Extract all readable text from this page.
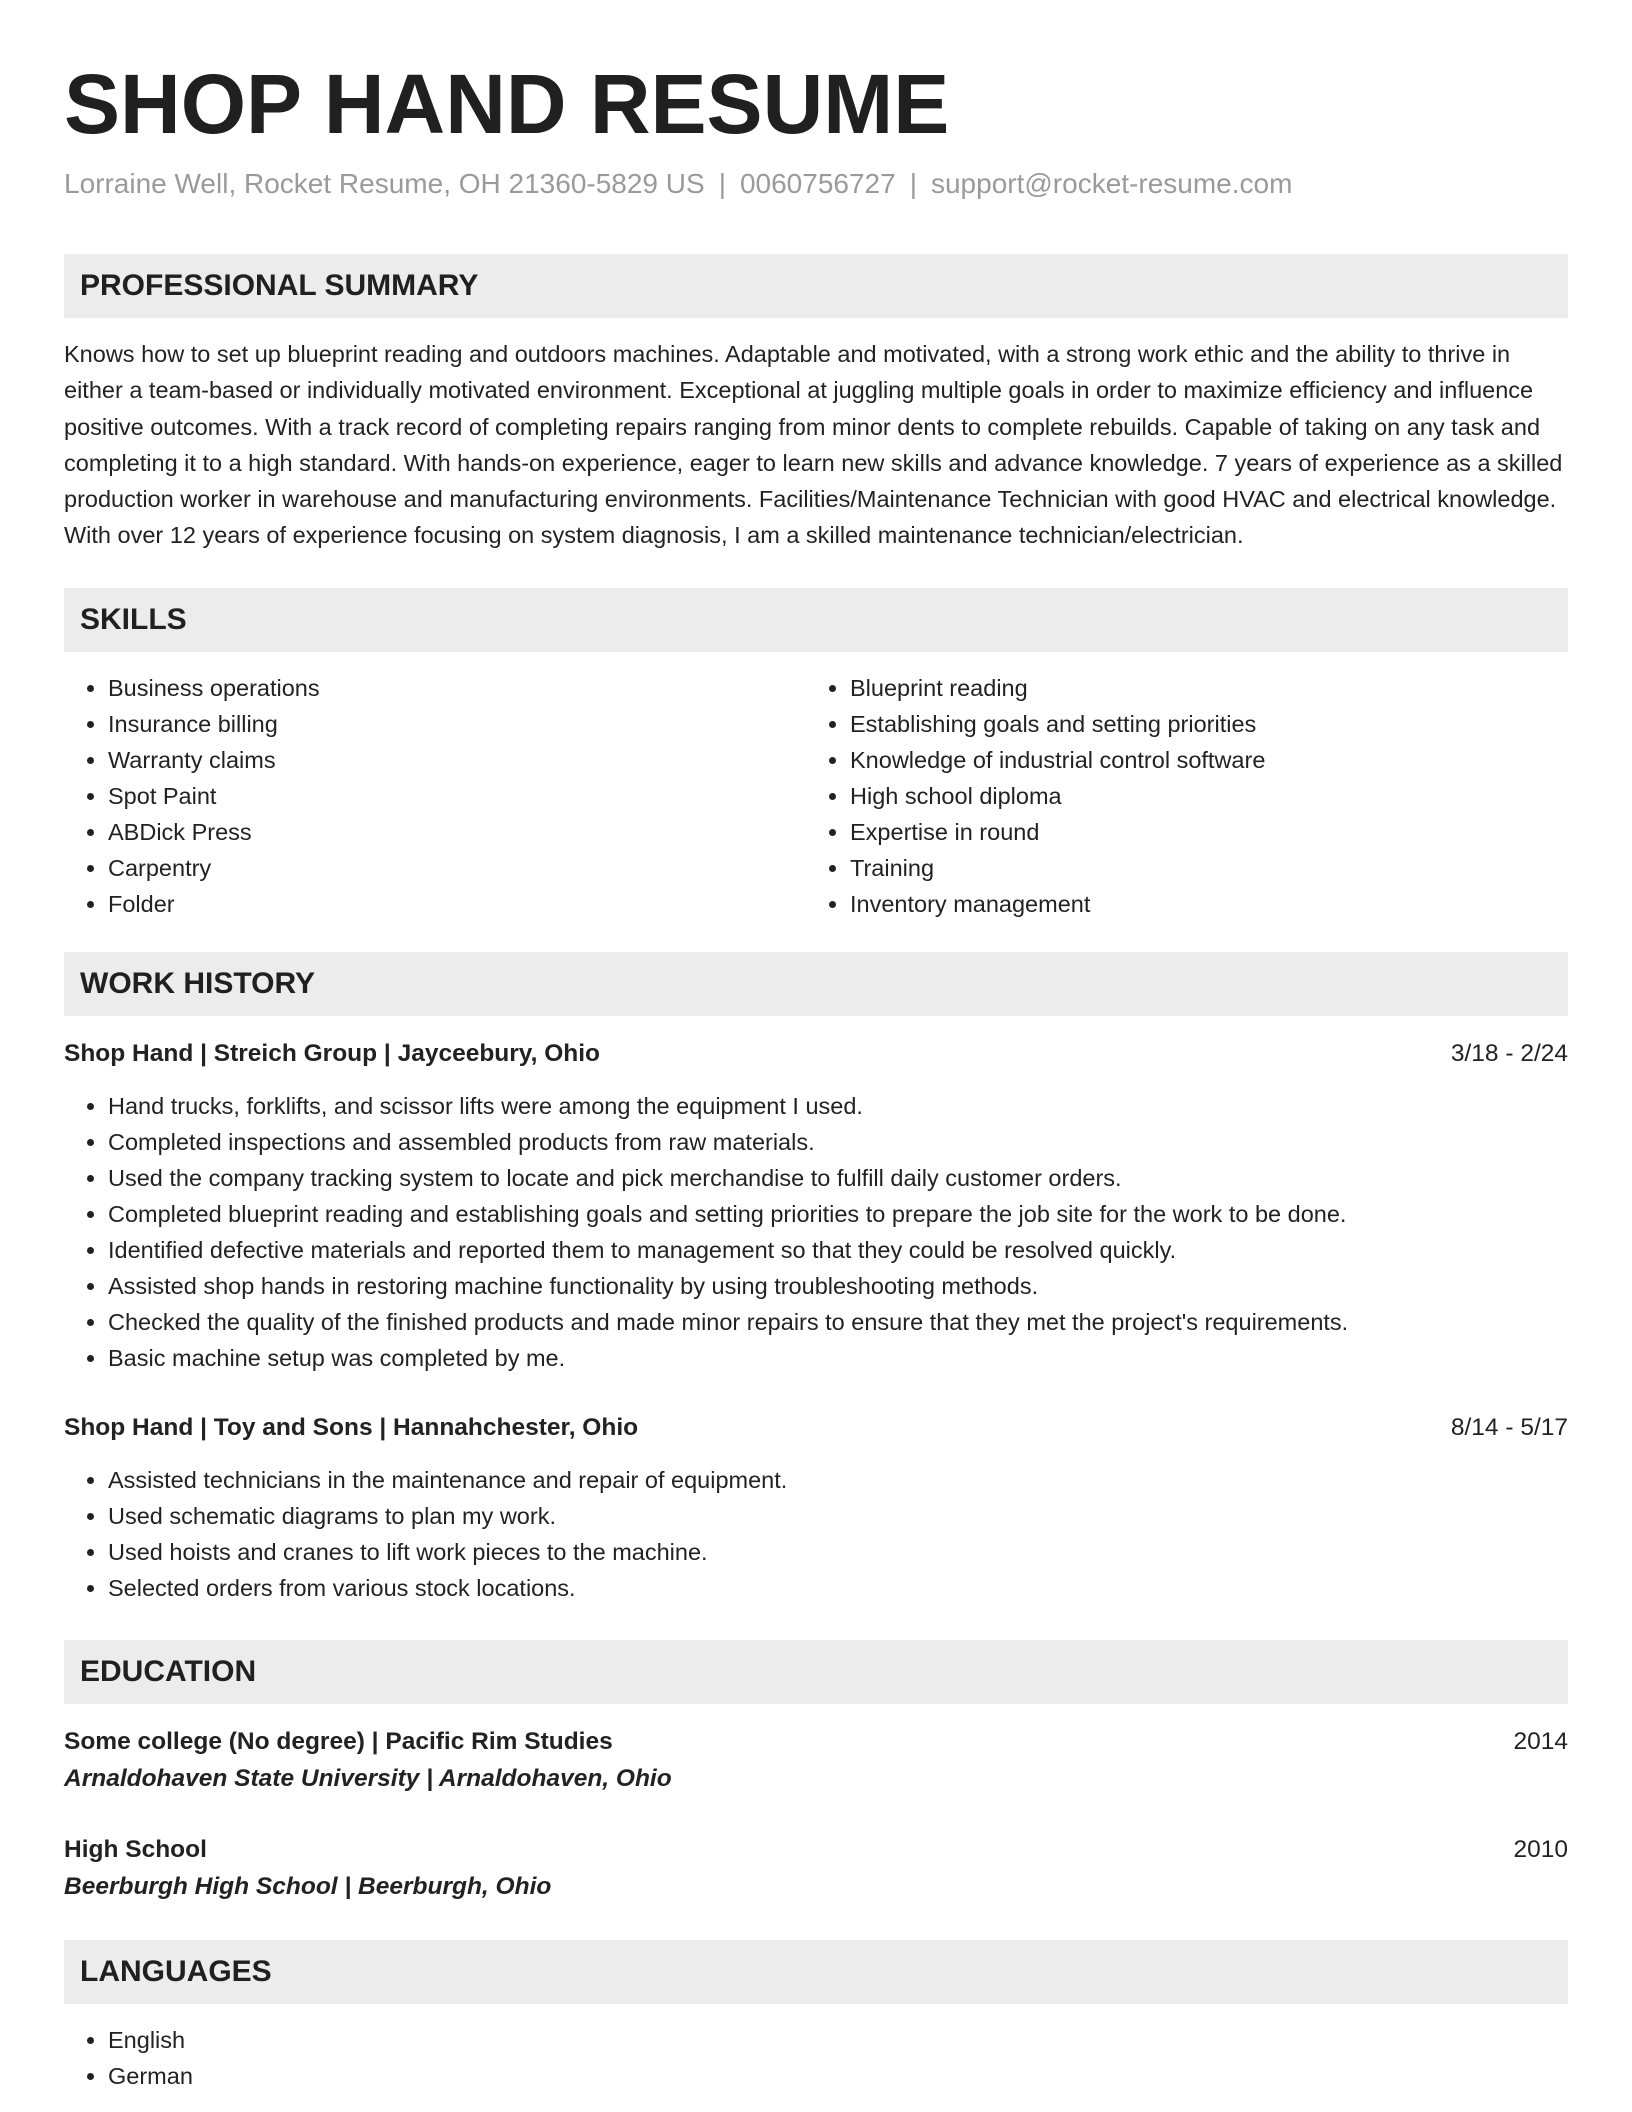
SHOP HAND RESUME
Lorraine Well, Rocket Resume, OH 21360-5829 US | 0060756727 | support@rocket-resume.com
PROFESSIONAL SUMMARY

Knows how to set up blueprint reading and outdoors machines. Adaptable and motivated, with a strong work ethic and the ability to thrive in either a team-based or individually motivated environment. Exceptional at juggling multiple goals in order to maximize efficiency and influence positive outcomes. With a track record of completing repairs ranging from minor dents to complete rebuilds. Capable of taking on any task and completing it to a high standard. With hands-on experience, eager to learn new skills and advance knowledge. 7 years of experience as a skilled production worker in warehouse and manufacturing environments. Facilities/Maintenance Technician with good HVAC and electrical knowledge. With over 12 years of experience focusing on system diagnosis, I am a skilled maintenance technician/electrician.

SKILLS
• Business operations
• Insurance billing
• Warranty claims
• Spot Paint
• ABDick Press
• Carpentry
• Folder
• Blueprint reading
• Establishing goals and setting priorities
• Knowledge of industrial control software
• High school diploma
• Expertise in round
• Training
• Inventory management
WORK HISTORY
Shop Hand | Streich Group | Jayceebury, Ohio	3/18 - 2/24
• Hand trucks, forklifts, and scissor lifts were among the equipment I used.
• Completed inspections and assembled products from raw materials.
• Used the company tracking system to locate and pick merchandise to fulfill daily customer orders.
• Completed blueprint reading and establishing goals and setting priorities to prepare the job site for the work to be done.
• Identified defective materials and reported them to management so that they could be resolved quickly.
• Assisted shop hands in restoring machine functionality by using troubleshooting methods.
• Checked the quality of the finished products and made minor repairs to ensure that they met the project's requirements.
• Basic machine setup was completed by me.
Shop Hand | Toy and Sons | Hannahchester, Ohio	8/14 - 5/17
• Assisted technicians in the maintenance and repair of equipment.
• Used schematic diagrams to plan my work.
• Used hoists and cranes to lift work pieces to the machine.
• Selected orders from various stock locations.
EDUCATION
Some college (No degree) | Pacific Rim Studies	2014
Arnaldohaven State University | Arnaldohaven, Ohio
High School	2010
Beerburgh High School | Beerburgh, Ohio
LANGUAGES
• English
• German
